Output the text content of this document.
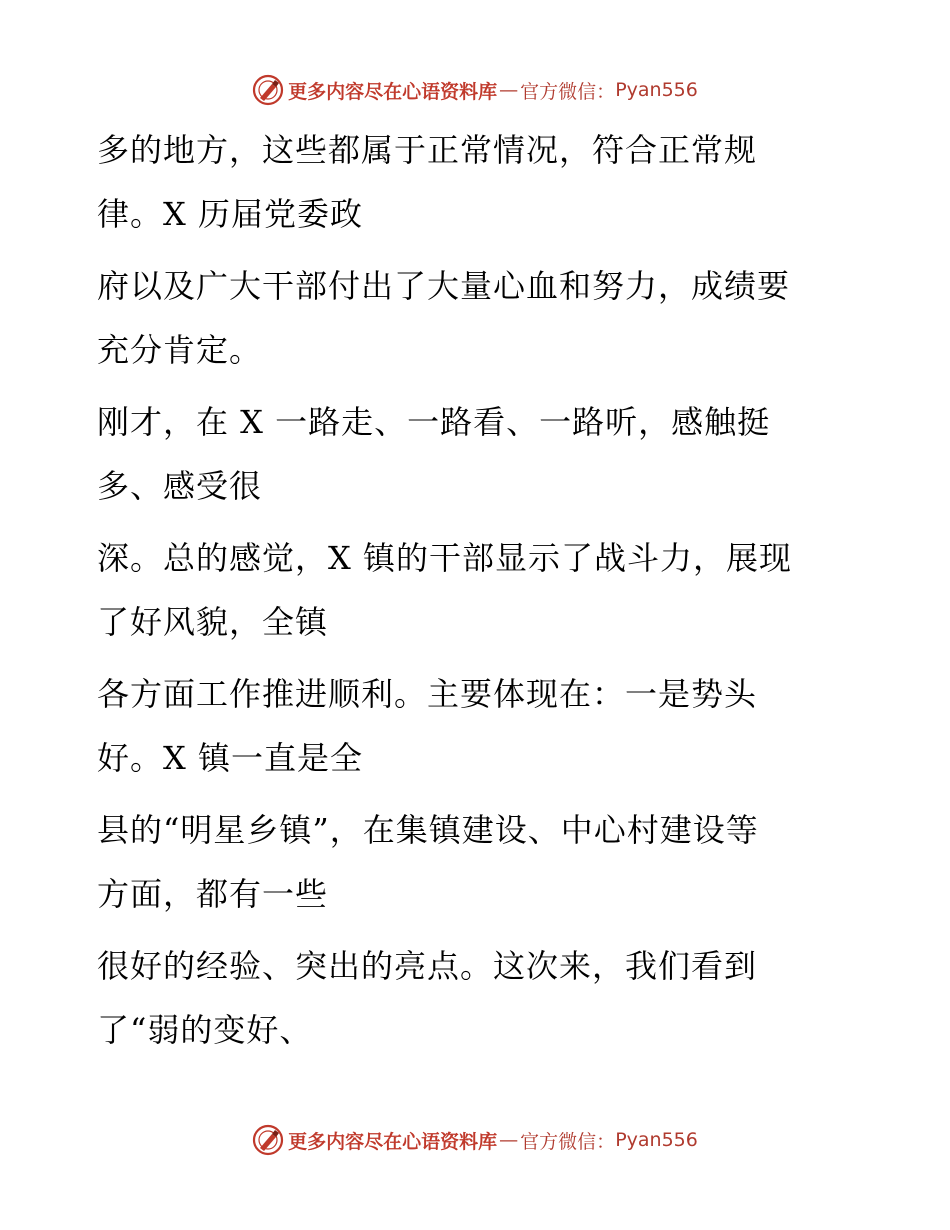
更多内容尽在心语资料库 — 官方微信： Pyan556
多的地方，这些都属于正常情况，符合正常规
律。X 历届党委政
府以及广大干部付出了大量心血和努力，成绩要
充分肯定。
刚才，在 X 一路走、一路看、一路听，感触挺
多、感受很
深。总的感觉，X 镇的干部显示了战斗力，展现
了好风貌，全镇
各方面工作推进顺利。主要体现在：一是势头
好。X 镇一直是全
县的“明星乡镇”，在集镇建设、中心村建设等
方面，都有一些
很好的经验、突出的亮点。这次来，我们看到
了“弱的变好、
更多内容尽在心语资料库 — 官方微信： Pyan556
